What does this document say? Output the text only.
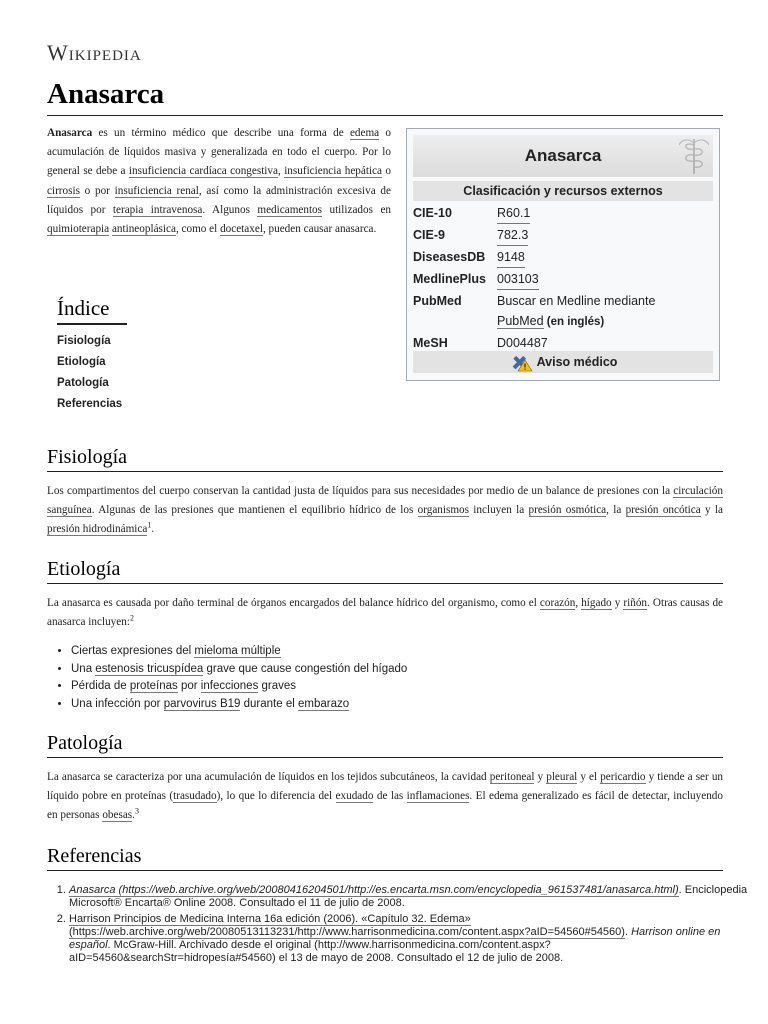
Wikipedia
Anasarca
Anasarca es un término médico que describe una forma de edema o acumulación de líquidos masiva y generalizada en todo el cuerpo. Por lo general se debe a insuficiencia cardíaca congestiva, insuficiencia hepática o cirrosis o por insuficiencia renal, así como la administración excesiva de líquidos por terapia intravenosa. Algunos medicamentos utilizados en quimioterapia antineoplásica, como el docetaxel, pueden causar anasarca.
Anasarca
Clasificación y recursos externos
CIE-10	R60.1
CIE-9	782.3
DiseasesDB 9148
MedlinePlus 003103
PubMed	Buscar en Medline mediante
PubMed (en inglés)
MeSH	D004487
Aviso médico
Índice
Fisiología
Etiología
Patología
Referencias
Fisiología
Los compartimentos del cuerpo conservan la cantidad justa de líquidos para sus necesidades por medio de un balance de presiones con la circulación sanguínea. Algunas de las presiones que mantienen el equilibrio hídrico de los organismos incluyen la presión osmótica, la presión oncótica y la presión hidrodinámica$^1$.
Etiología
La anasarca es causada por daño terminal de órganos encargados del balance hídrico del organismo, como el corazón, hígado y riñón. Otras causas de anasarca incluyen:$^2$
• Ciertas expresiones del mieloma múltiple
• Una estenosis tricuspídea grave que cause congestión del hígado
• Pérdida de proteínas por infecciones graves
• Una infección por parvovirus B19 durante el embarazo
Patología
La anasarca se caracteriza por una acumulación de líquidos en los tejidos subcutáneos, la cavidad peritoneal y pleural y el pericardio y tiende a ser un líquido pobre en proteínas (trasudado), lo que lo diferencia del exudado de las inflamaciones. El edema generalizado es fácil de detectar, incluyendo en personas obesas.$^3$
Referencias
1. Anasarca (https://web.archive.org/web/20080416204501/http://es.encarta.msn.com/encyclopedia_961537481/anasarca.html). Enciclopedia Microsoft® Encarta® Online 2008. Consultado el 11 de julio de 2008.
2. Harrison Principios de Medicina Interna 16a edición (2006). «Capítulo 32. Edema» (https://web.archive.org/web/20080513113231/http://www.harrisonmedicina.com/content.aspx?aID=54560#54560). Harrison online en español. McGraw-Hill. Archivado desde el original (http://www.harrisonmedicina.com/content.aspx?aID=54560&searchStr=hidropesía#54560) el 13 de mayo de 2008. Consultado el 12 de julio de 2008.
